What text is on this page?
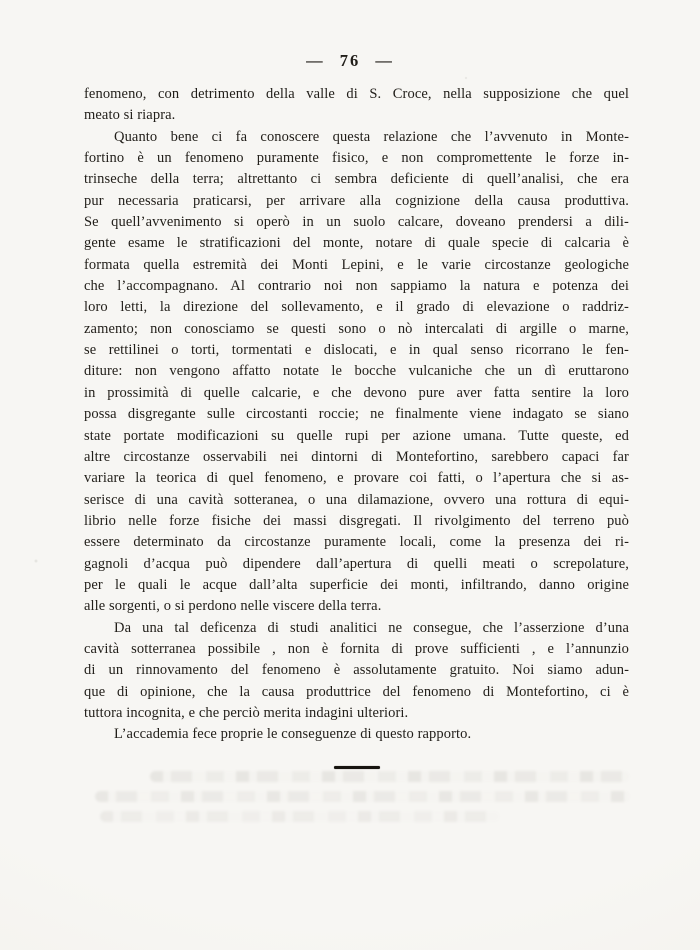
— 76 —
fenomeno, con detrimento della valle di S. Croce, nella supposizione che quel
meato si riapra.
Quanto bene ci fa conoscere questa relazione che l’avvenuto in Monte-
fortino è un fenomeno puramente fisico, e non compromettente le forze in-
trinseche della terra; altrettanto ci sembra deficiente di quell’analisi, che era
pur necessaria praticarsi, per arrivare alla cognizione della causa produttiva.
Se quell’avvenimento si operò in un suolo calcare, doveano prendersi a dili-
gente esame le stratificazioni del monte, notare di quale specie di calcaria è
formata quella estremità dei Monti Lepini, e le varie circostanze geologiche
che l’accompagnano. Al contrario noi non sappiamo la natura e potenza dei
loro letti, la direzione del sollevamento, e il grado di elevazione o raddriz-
zamento; non conosciamo se questi sono o nò intercalati di argille o marne,
se rettilinei o torti, tormentati e dislocati, e in qual senso ricorrano le fen-
diture: non vengono affatto notate le bocche vulcaniche che un dì eruttarono
in prossimità di quelle calcarie, e che devono pure aver fatta sentire la loro
possa disgregante sulle circostanti roccie; ne finalmente viene indagato se siano
state portate modificazioni su quelle rupi per azione umana. Tutte queste, ed
altre circostanze osservabili nei dintorni di Montefortino, sarebbero capaci far
variare la teorica di quel fenomeno, e provare coi fatti, o l’apertura che si as-
serisce di una cavità sotteranea, o una dilamazione, ovvero una rottura di equi-
librio nelle forze fisiche dei massi disgregati. Il rivolgimento del terreno può
essere determinato da circostanze puramente locali, come la presenza dei ri-
gagnoli d’acqua può dipendere dall’apertura di quelli meati o screpolature,
per le quali le acque dall’alta superficie dei monti, infiltrando, danno origine
alle sorgenti, o si perdono nelle viscere della terra.
Da una tal deficenza di studi analitici ne consegue, che l’asserzione d’una
cavità sotterranea possibile , non è fornita di prove sufficienti , e l’annunzio
di un rinnovamento del fenomeno è assolutamente gratuito. Noi siamo adun-
que di opinione, che la causa produttrice del fenomeno di Montefortino, ci è
tuttora incognita, e che perciò merita indagini ulteriori.
L’accademia fece proprie le conseguenze di questo rapporto.
